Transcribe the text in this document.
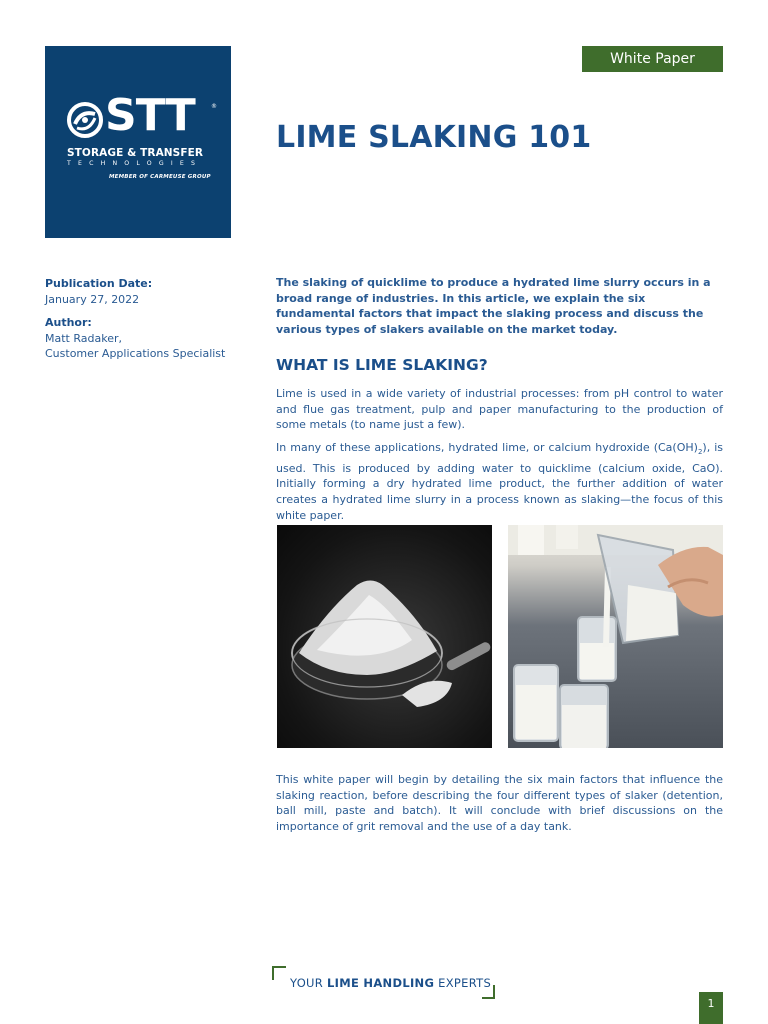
STT	®
STORAGE & TRANSFER
TECHNOLOGIES
MEMBER OF CARMEUSE GROUP
White Paper
LIME SLAKING 101
Publication Date:
January 27, 2022
Author:
Matt Radaker,
Customer Applications Specialist

The slaking of quicklime to produce a hydrated lime slurry occurs in a broad range of industries. In this article, we explain the six fundamental factors that impact the slaking process and discuss the various types of slakers available on the market today.

WHAT IS LIME SLAKING?

Lime is used in a wide variety of industrial processes: from pH control to water and flue gas treatment, pulp and paper manufacturing to the production of some metals (to name just a few).

In many of these applications, hydrated lime, or calcium hydroxide $(Ca(OH)_2)$, is used. This is produced by adding water to quicklime (calcium oxide, CaO). Initially forming a dry hydrated lime product, the further addition of water creates a hydrated lime slurry in a process known as slaking—the focus of this white paper.

This white paper will begin by detailing the six main factors that influence the slaking reaction, before describing the four different types of slaker (detention, ball mill, paste and batch). It will conclude with brief discussions on the importance of grit removal and the use of a day tank.

YOUR LIME HANDLING EXPERTS
1
